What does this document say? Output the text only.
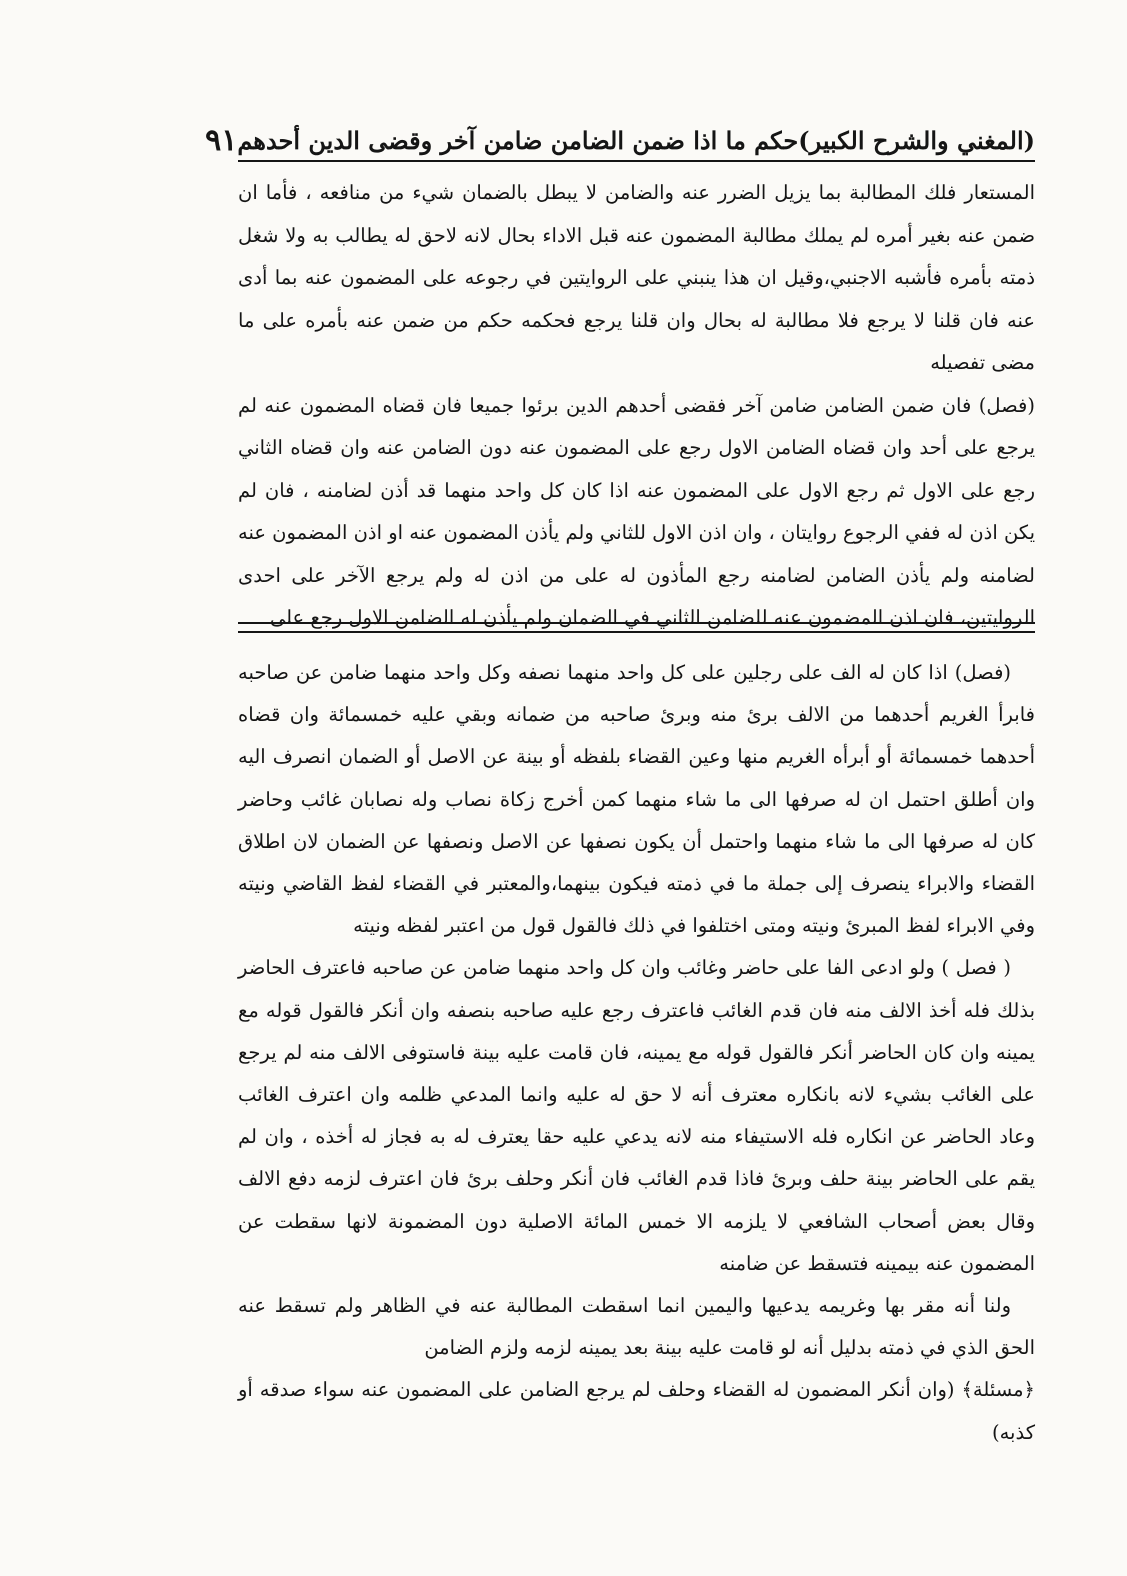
(المغني والشرح الكبير)
حكم ما اذا ضمن الضامن ضامن آخر وقضى الدين أحدهم
٩١

المستعار فلك المطالبة بما يزيل الضرر عنه والضامن لا يبطل بالضمان شيء من منافعه ، فأما ان ضمن عنه بغير أمره لم يملك مطالبة المضمون عنه قبل الاداء بحال لانه لاحق له يطالب به ولا شغل ذمته بأمره فأشبه الاجنبي،وقيل ان هذا ينبني على الروايتين في رجوعه على المضمون عنه بما أدى عنه فان قلنا لا يرجع فلا مطالبة له بحال وان قلنا يرجع فحكمه حكم من ضمن عنه بأمره على ما مضى تفصيله

(فصل) فان ضمن الضامن ضامن آخر فقضى أحدهم الدين برئوا جميعا فان قضاه المضمون عنه لم يرجع على أحد وان قضاه الضامن الاول رجع على المضمون عنه دون الضامن عنه وان قضاه الثاني رجع على الاول ثم رجع الاول على المضمون عنه اذا كان كل واحد منهما قد أذن لضامنه ، فان لم يكن اذن له ففي الرجوع روايتان ، وان اذن الاول للثاني ولم يأذن المضمون عنه او اذن المضمون عنه لضامنه ولم يأذن الضامن لضامنه رجع المأذون له على من اذن له ولم يرجع الآخر على احدى الروايتين، فان اذن المضمون عنه للضامن الثاني في الضمان ولم يأذن له الضامن الاول رجع على

(فصل) اذا كان له الف على رجلين على كل واحد منهما نصفه وكل واحد منهما ضامن عن صاحبه فابرأ الغريم أحدهما من الالف برئ منه وبرئ صاحبه من ضمانه وبقي عليه خمسمائة وان قضاه أحدهما خمسمائة أو أبرأه الغريم منها وعين القضاء بلفظه أو بينة عن الاصل أو الضمان انصرف اليه وان أطلق احتمل ان له صرفها الى ما شاء منهما كمن أخرج زكاة نصاب وله نصابان غائب وحاضر كان له صرفها الى ما شاء منهما واحتمل أن يكون نصفها عن الاصل ونصفها عن الضمان لان اطلاق القضاء والابراء ينصرف إلى جملة ما في ذمته فيكون بينهما،والمعتبر في القضاء لفظ القاضي ونيته وفي الابراء لفظ المبرئ ونيته ومتى اختلفوا في ذلك فالقول قول من اعتبر لفظه ونيته

( فصل ) ولو ادعى الفا على حاضر وغائب وان كل واحد منهما ضامن عن صاحبه فاعترف الحاضر بذلك فله أخذ الالف منه فان قدم الغائب فاعترف رجع عليه صاحبه بنصفه وان أنكر فالقول قوله مع يمينه وان كان الحاضر أنكر فالقول قوله مع يمينه، فان قامت عليه بينة فاستوفى الالف منه لم يرجع على الغائب بشيء لانه بانكاره معترف أنه لا حق له عليه وانما المدعي ظلمه وان اعترف الغائب وعاد الحاضر عن انكاره فله الاستيفاء منه لانه يدعي عليه حقا يعترف له به فجاز له أخذه ، وان لم يقم على الحاضر بينة حلف وبرئ فاذا قدم الغائب فان أنكر وحلف برئ فان اعترف لزمه دفع الالف وقال بعض أصحاب الشافعي لا يلزمه الا خمس المائة الاصلية دون المضمونة لانها سقطت عن المضمون عنه بيمينه فتسقط عن ضامنه

ولنا أنه مقر بها وغريمه يدعيها واليمين انما اسقطت المطالبة عنه في الظاهر ولم تسقط عنه الحق الذي في ذمته بدليل أنه لو قامت عليه بينة بعد يمينه لزمه ولزم الضامن

﴿مسئلة﴾ (وان أنكر المضمون له القضاء وحلف لم يرجع الضامن على المضمون عنه سواء صدقه أو كذبه)
